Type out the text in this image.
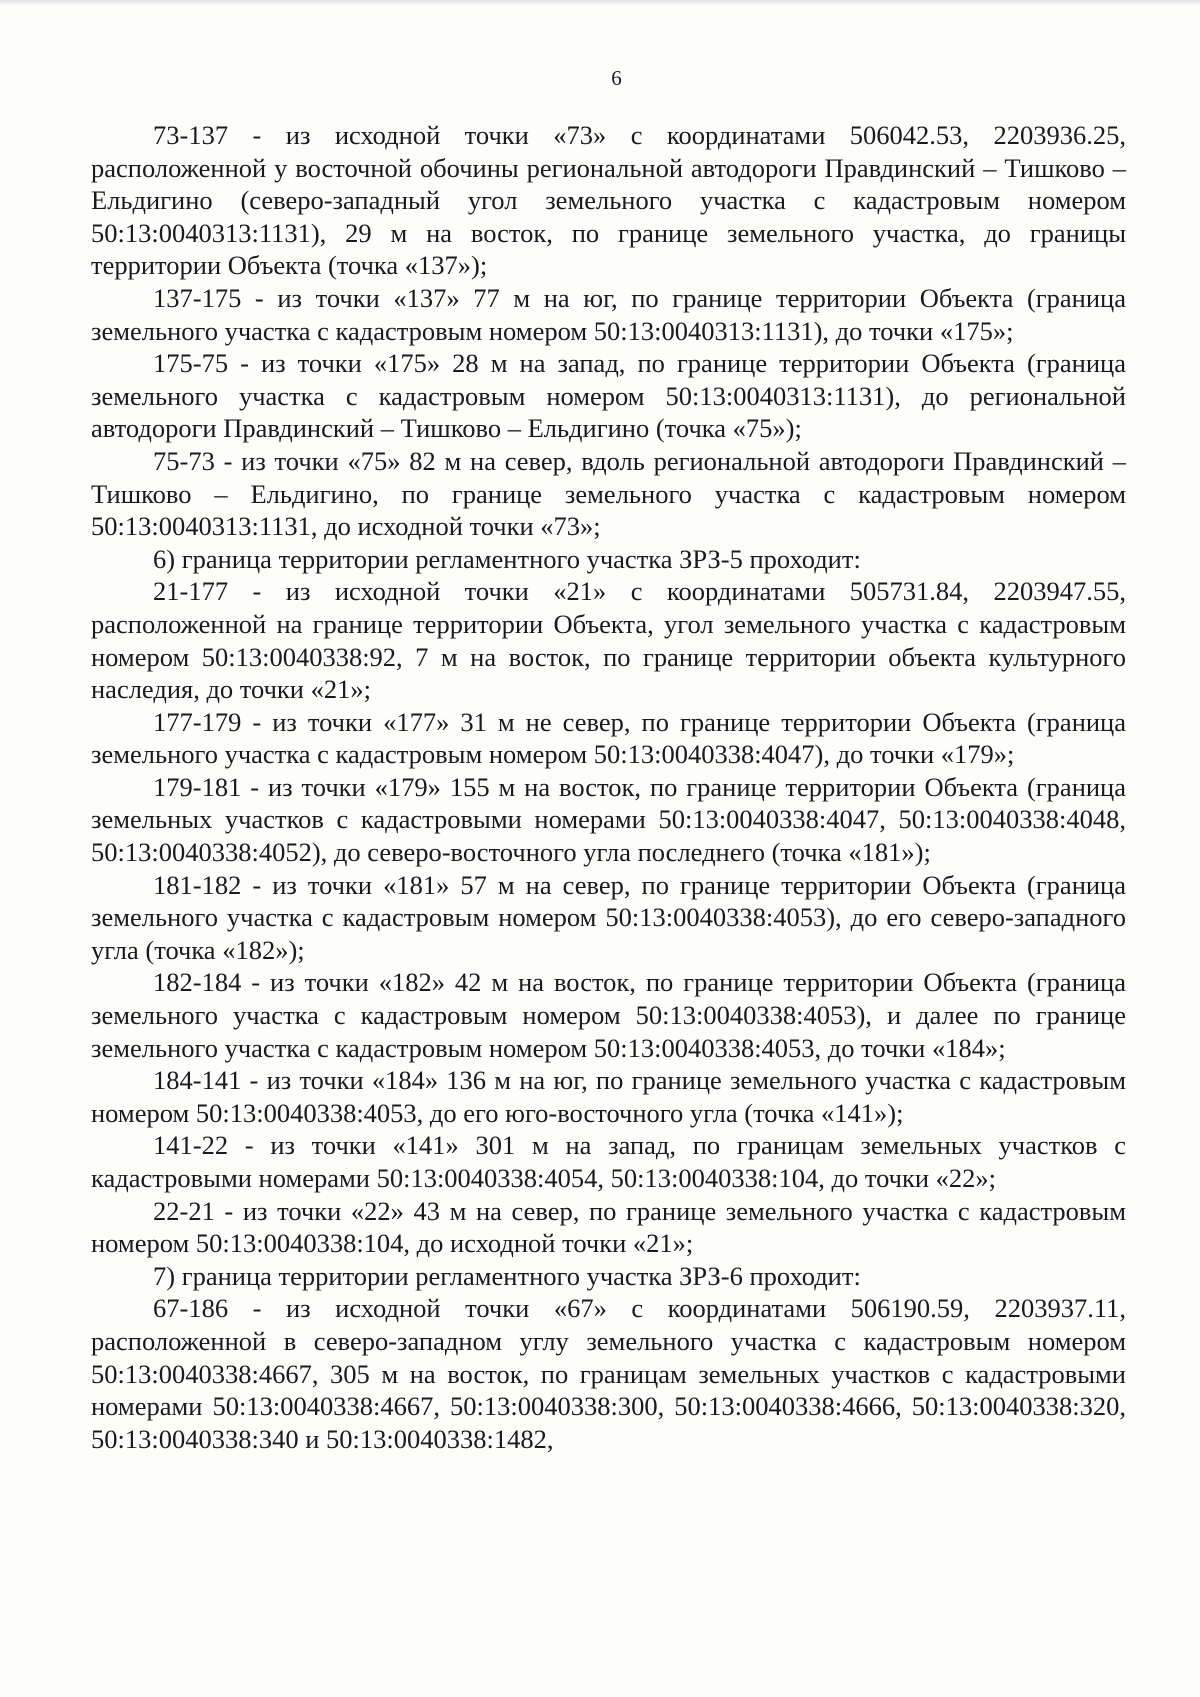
6

73-137 - из исходной точки «73» с координатами 506042.53, 2203936.25, расположенной у восточной обочины региональной автодороги Правдинский – Тишково – Ельдигино (северо-западный угол земельного участка с кадастровым номером 50:13:0040313:1131), 29 м на восток, по границе земельного участка, до границы территории Объекта (точка «137»);

137-175 - из точки «137» 77 м на юг, по границе территории Объекта (граница земельного участка с кадастровым номером 50:13:0040313:1131), до точки «175»;

175-75 - из точки «175» 28 м на запад, по границе территории Объекта (граница земельного участка с кадастровым номером 50:13:0040313:1131), до региональной автодороги Правдинский – Тишково – Ельдигино (точка «75»);

75-73 - из точки «75» 82 м на север, вдоль региональной автодороги Правдинский – Тишково – Ельдигино, по границе земельного участка с кадастровым номером 50:13:0040313:1131, до исходной точки «73»;

6) граница территории регламентного участка ЗРЗ-5 проходит:

21-177 - из исходной точки «21» с координатами 505731.84, 2203947.55, расположенной на границе территории Объекта, угол земельного участка с кадастровым номером 50:13:0040338:92, 7 м на восток, по границе территории объекта культурного наследия, до точки «21»;

177-179 - из точки «177» 31 м не север, по границе территории Объекта (граница земельного участка с кадастровым номером 50:13:0040338:4047), до точки «179»;

179-181 - из точки «179» 155 м на восток, по границе территории Объекта (граница земельных участков с кадастровыми номерами 50:13:0040338:4047, 50:13:0040338:4048, 50:13:0040338:4052), до северо-восточного угла последнего (точка «181»);

181-182 - из точки «181» 57 м на север, по границе территории Объекта (граница земельного участка с кадастровым номером 50:13:0040338:4053), до его северо-западного угла (точка «182»);

182-184 - из точки «182» 42 м на восток, по границе территории Объекта (граница земельного участка с кадастровым номером 50:13:0040338:4053), и далее по границе земельного участка с кадастровым номером 50:13:0040338:4053, до точки «184»;

184-141 - из точки «184» 136 м на юг, по границе земельного участка с кадастровым номером 50:13:0040338:4053, до его юго-восточного угла (точка «141»);

141-22 - из точки «141» 301 м на запад, по границам земельных участков с кадастровыми номерами 50:13:0040338:4054, 50:13:0040338:104, до точки «22»;

22-21 - из точки «22» 43 м на север, по границе земельного участка с кадастровым номером 50:13:0040338:104, до исходной точки «21»;

7) граница территории регламентного участка ЗРЗ-6 проходит:

67-186 - из исходной точки «67» с координатами 506190.59, 2203937.11, расположенной в северо-западном углу земельного участка с кадастровым номером 50:13:0040338:4667, 305 м на восток, по границам земельных участков с кадастровыми номерами 50:13:0040338:4667, 50:13:0040338:300, 50:13:0040338:4666, 50:13:0040338:320, 50:13:0040338:340 и 50:13:0040338:1482,
